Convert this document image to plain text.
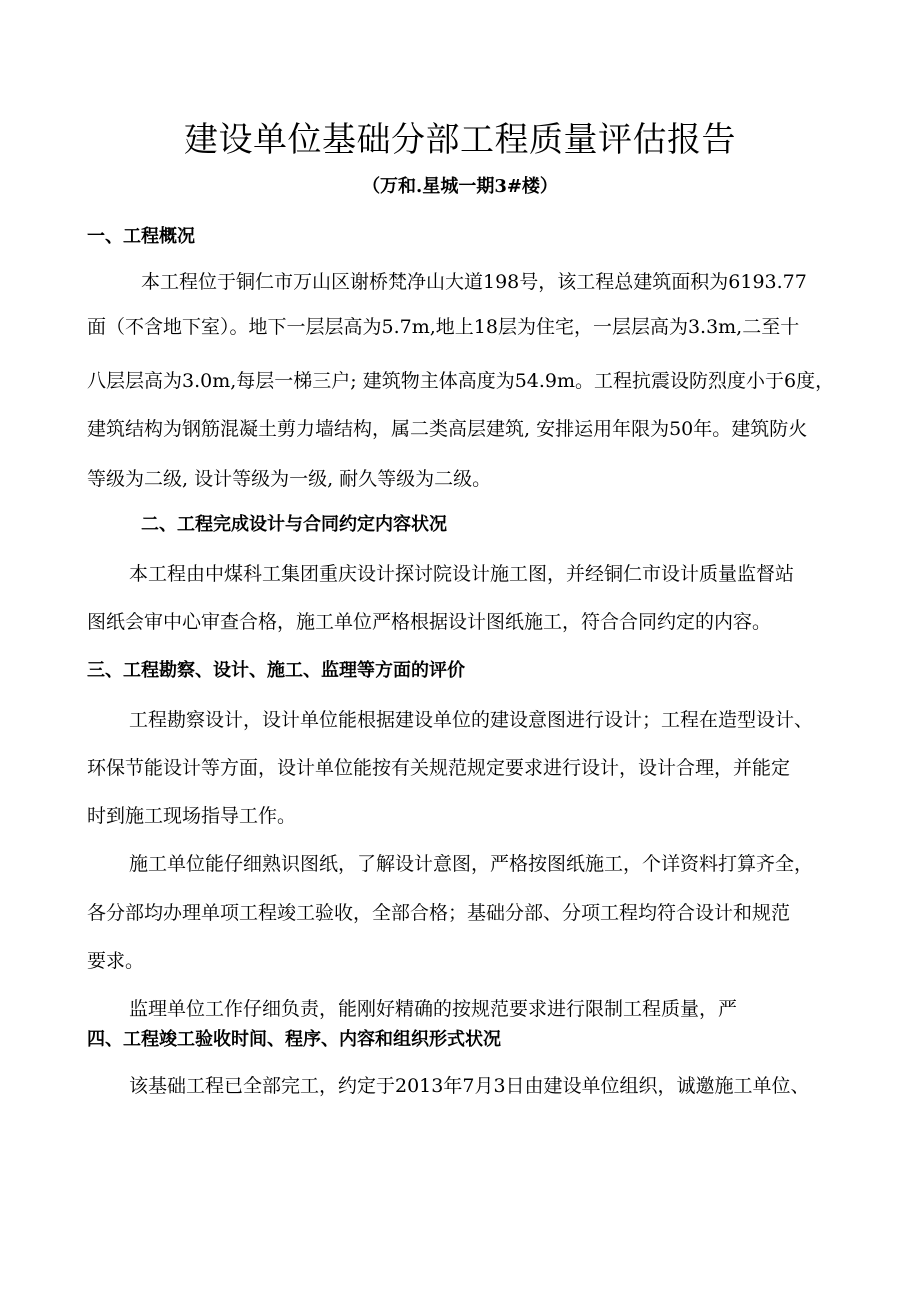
建设单位基础分部工程质量评估报告
（万和.星城一期3#楼）
一、工程概况
本工程位于铜仁市万山区谢桥梵净山大道198号，该工程总建筑面积为6193.77
面（不含地下室）。地下一层层高为5.7m,地上18层为住宅，一层层高为3.3m,二至十
八层层高为3.0m,每层一梯三户; 建筑物主体高度为54.9m。工程抗震设防烈度小于6度，
建筑结构为钢筋混凝土剪力墙结构，属二类高层建筑, 安排运用年限为50年。建筑防火
等级为二级, 设计等级为一级, 耐久等级为二级。
二、工程完成设计与合同约定内容状况
本工程由中煤科工集团重庆设计探讨院设计施工图，并经铜仁市设计质量监督站
图纸会审中心审查合格，施工单位严格根据设计图纸施工，符合合同约定的内容。
三、工程勘察、设计、施工、监理等方面的评价
工程勘察设计，设计单位能根据建设单位的建设意图进行设计；工程在造型设计、
环保节能设计等方面，设计单位能按有关规范规定要求进行设计，设计合理，并能定
时到施工现场指导工作。
施工单位能仔细熟识图纸，了解设计意图，严格按图纸施工，个详资料打算齐全，
各分部均办理单项工程竣工验收，全部合格；基础分部、分项工程均符合设计和规范
要求。
监理单位工作仔细负责，能刚好精确的按规范要求进行限制工程质量，严
四、工程竣工验收时间、程序、内容和组织形式状况
该基础工程已全部完工，约定于2013年7月3日由建设单位组织，诚邀施工单位、
